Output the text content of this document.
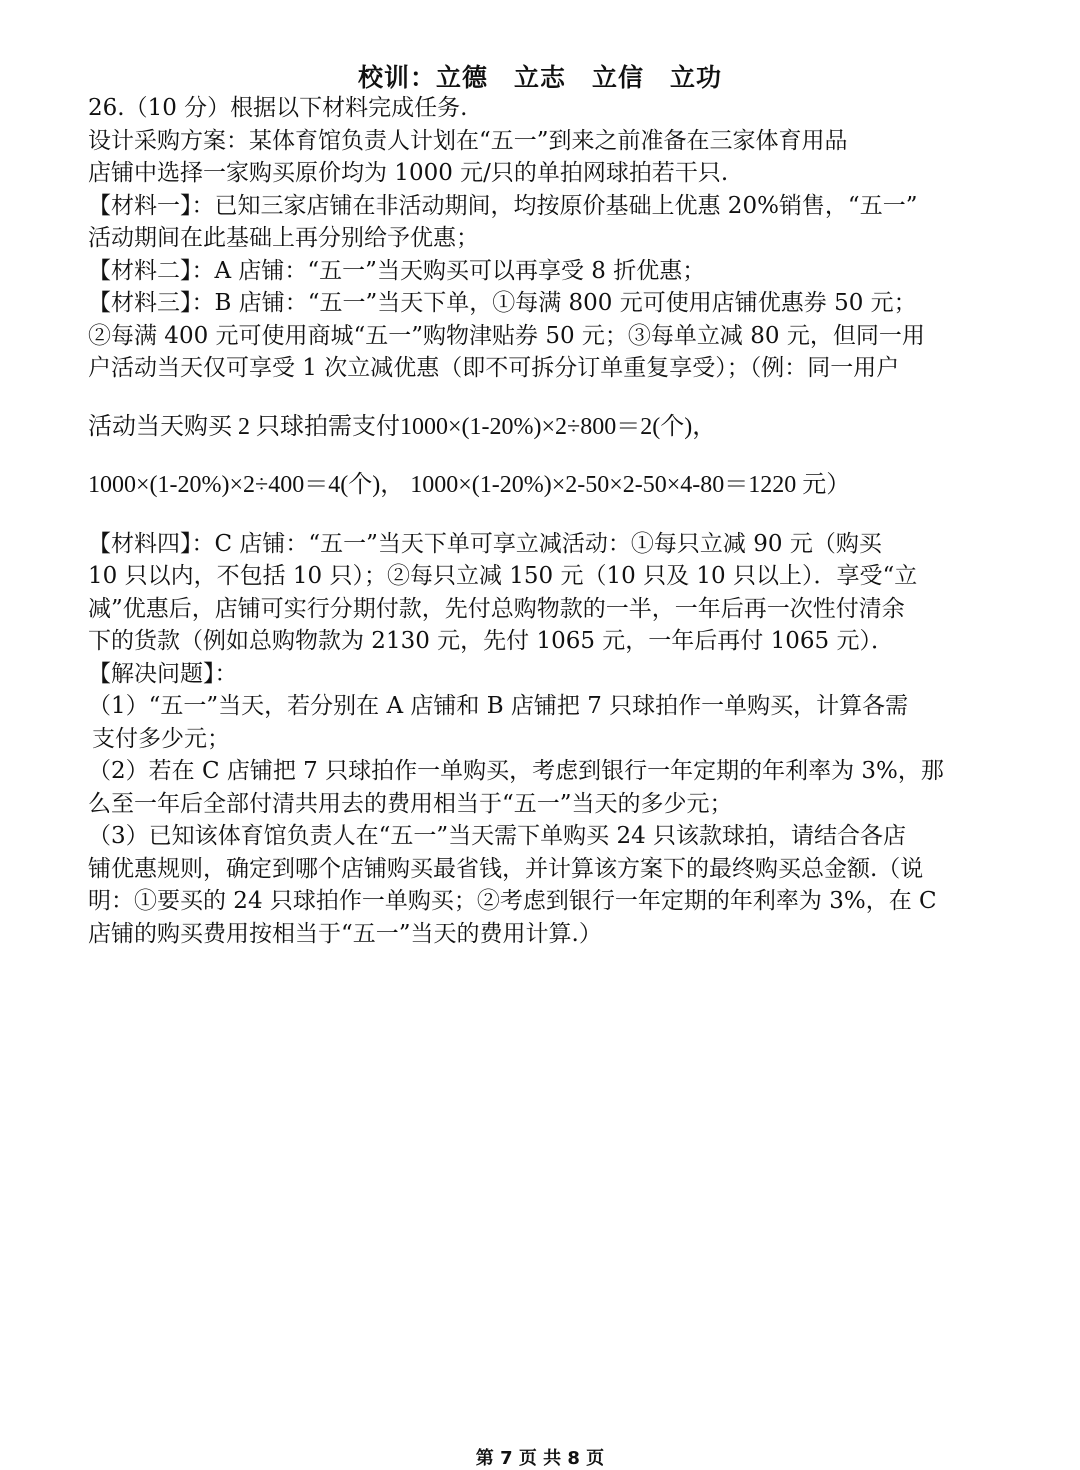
校训：立德　立志　立信　立功
26.（10 分）根据以下材料完成任务.
设计采购方案：某体育馆负责人计划在“五一”到来之前准备在三家体育用品
店铺中选择一家购买原价均为 1000 元/只的单拍网球拍若干只.
【材料一】：已知三家店铺在非活动期间，均按原价基础上优惠 20%销售，“五一”
活动期间在此基础上再分别给予优惠；
【材料二】：A 店铺：“五一”当天购买可以再享受 8 折优惠；
【材料三】：B 店铺：“五一”当天下单，①每满 800 元可使用店铺优惠券 50 元；
②每满 400 元可使用商城“五一”购物津贴券 50 元；③每单立减 80 元，但同一用
户活动当天仅可享受 1 次立减优惠（即不可拆分订单重复享受）；（例：同一用户
活动当天购买 2 只球拍需支付1000×(1-20%)×2÷800＝2(个)，
1000×(1-20%)×2÷400＝4(个)， 1000×(1-20%)×2-50×2-50×4-80＝1220 元）
【材料四】：C 店铺：“五一”当天下单可享立减活动：①每只立减 90 元（购买
10 只以内，不包括 10 只）；②每只立减 150 元（10 只及 10 只以上）．享受“立
减”优惠后，店铺可实行分期付款，先付总购物款的一半，一年后再一次性付清余
下的货款（例如总购物款为 2130 元，先付 1065 元，一年后再付 1065 元）．
【解决问题】：
（1）“五一”当天，若分别在 A 店铺和 B 店铺把 7 只球拍作一单购买，计算各需
支付多少元；
（2）若在 C 店铺把 7 只球拍作一单购买，考虑到银行一年定期的年利率为 3%，那
么至一年后全部付清共用去的费用相当于“五一”当天的多少元；
（3）已知该体育馆负责人在“五一”当天需下单购买 24 只该款球拍，请结合各店
铺优惠规则，确定到哪个店铺购买最省钱，并计算该方案下的最终购买总金额.（说
明：①要买的 24 只球拍作一单购买；②考虑到银行一年定期的年利率为 3%，在 C
店铺的购买费用按相当于“五一”当天的费用计算.）
第 7 页 共 8 页
